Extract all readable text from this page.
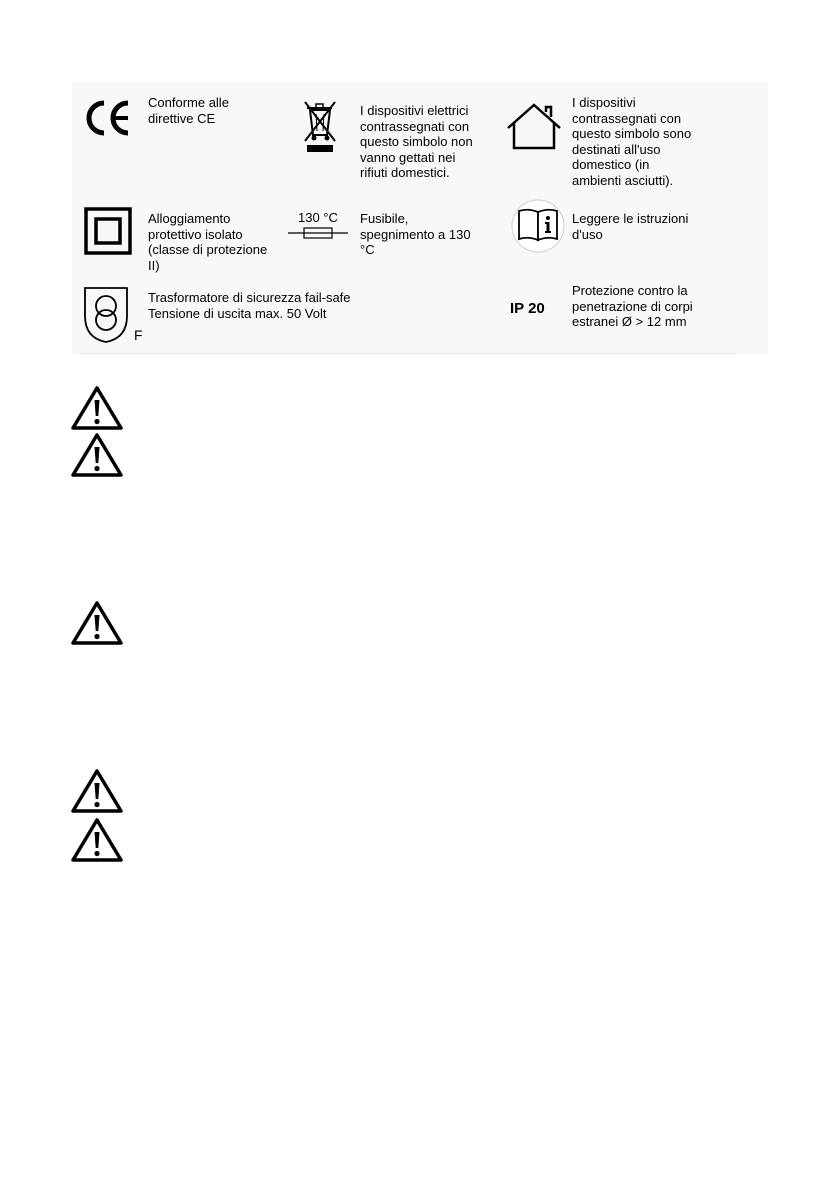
Conforme alle
direttive CE	I dispositivi elettrici
contrassegnati con
questo simbolo non
vanno gettati nei
rifiuti domestici.
I dispositivi
contrassegnati con
questo simbolo sono
destinati all'uso
domestico (in
ambienti asciutti).
Alloggiamento
protettivo isolato
(classe di protezione
II)
130 °C Fusibile,
spegnimento a 130
°C
Leggere le istruzioni
d'uso
F
Trasformatore di sicurezza fail-safe
Tensione di uscita max. 50 Volt	IP 20
Protezione contro la
penetrazione di corpi
estranei Ø > 12 mm
